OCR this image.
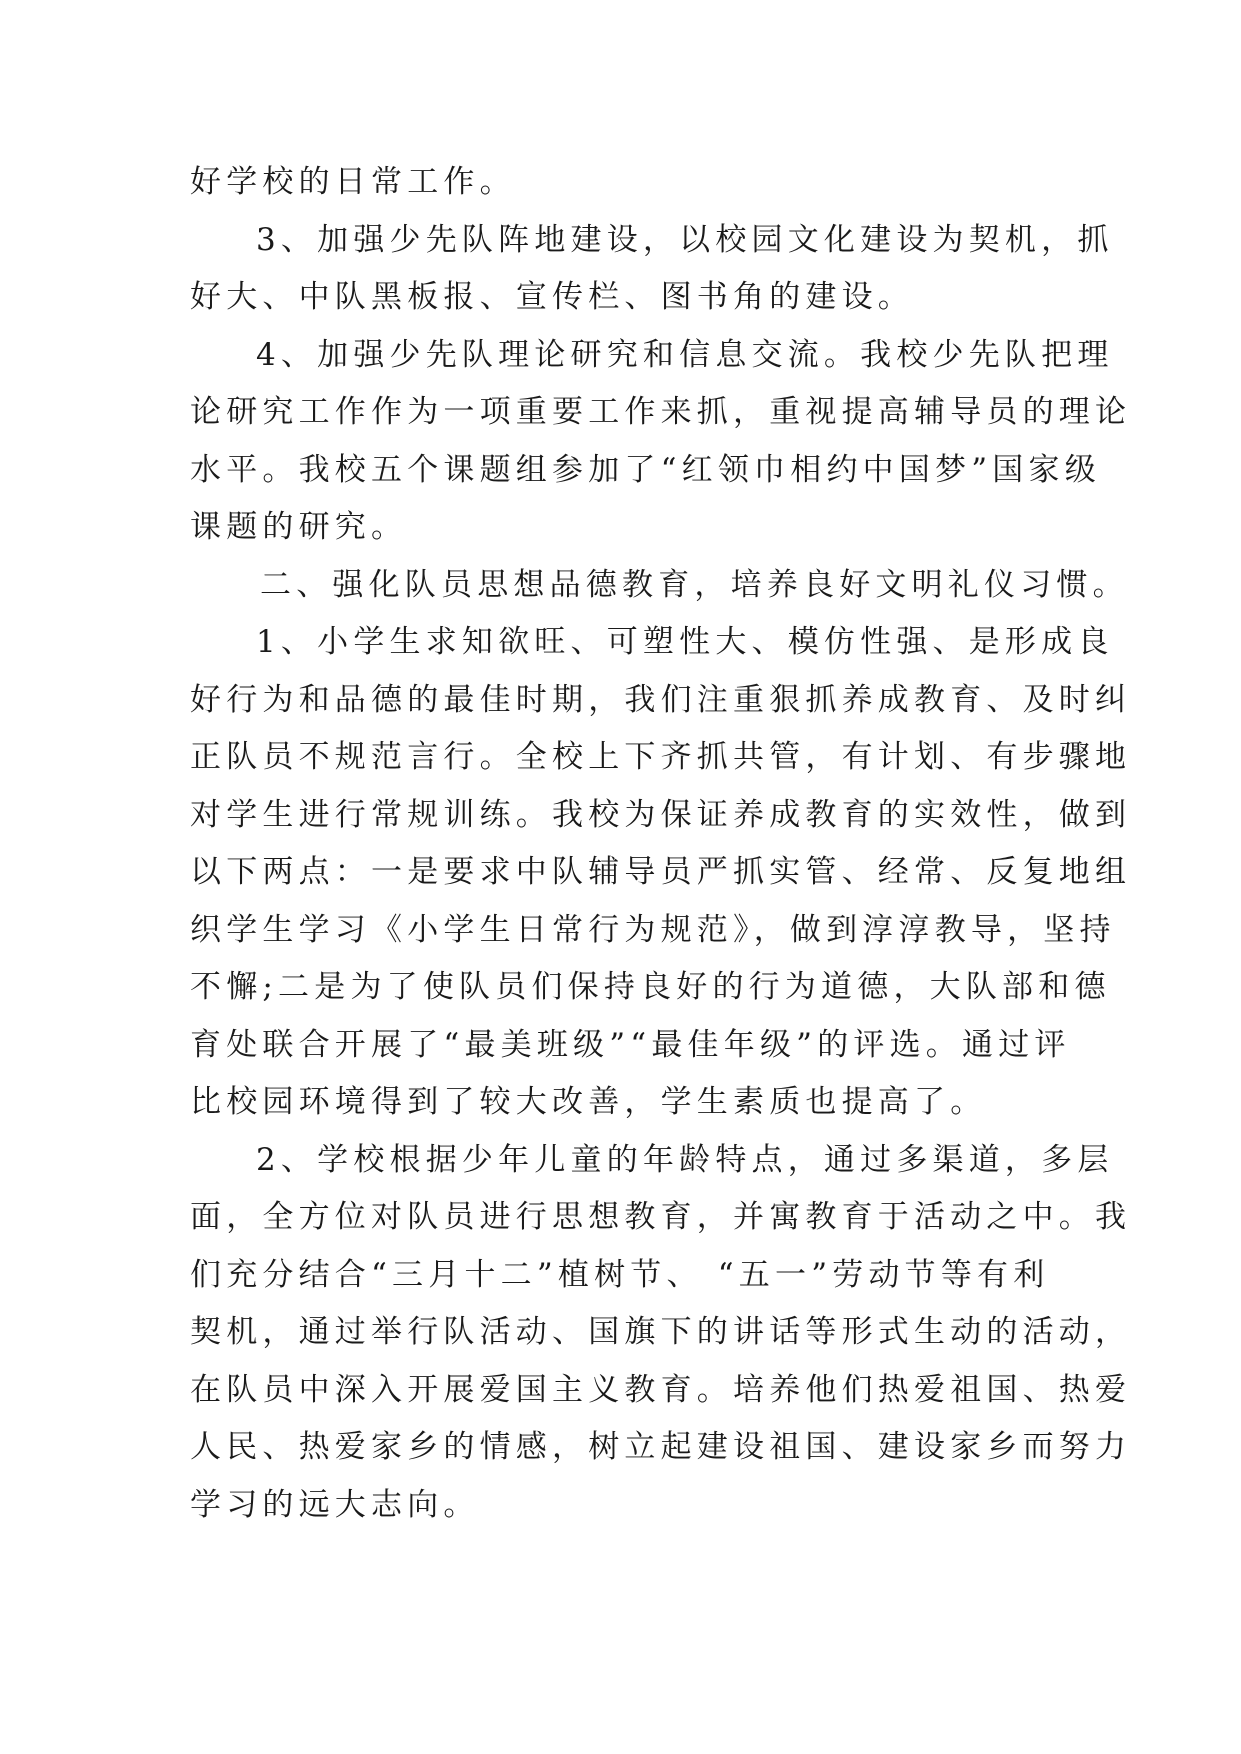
好学校的日常工作。
3、加强少先队阵地建设，以校园文化建设为契机，抓
好大、中队黑板报、宣传栏、图书角的建设。
4、加强少先队理论研究和信息交流。我校少先队把理
论研究工作作为一项重要工作来抓，重视提高辅导员的理论
水平。我校五个课题组参加了“红领巾相约中国梦”国家级
课题的研究。
二、强化队员思想品德教育，培养良好文明礼仪习惯。
1、小学生求知欲旺、可塑性大、模仿性强、是形成良
好行为和品德的最佳时期，我们注重狠抓养成教育、及时纠
正队员不规范言行。全校上下齐抓共管，有计划、有步骤地
对学生进行常规训练。我校为保证养成教育的实效性，做到
以下两点：一是要求中队辅导员严抓实管、经常、反复地组
织学生学习《小学生日常行为规范》，做到淳淳教导，坚持
不懈;二是为了使队员们保持良好的行为道德，大队部和德
育处联合开展了“最美班级”“最佳年级”的评选。通过评
比校园环境得到了较大改善，学生素质也提高了。
2、学校根据少年儿童的年龄特点，通过多渠道，多层
面，全方位对队员进行思想教育，并寓教育于活动之中。我
们充分结合“三月十二”植树节、 “五一”劳动节等有利
契机，通过举行队活动、国旗下的讲话等形式生动的活动，
在队员中深入开展爱国主义教育。培养他们热爱祖国、热爱
人民、热爱家乡的情感，树立起建设祖国、建设家乡而努力
学习的远大志向。
